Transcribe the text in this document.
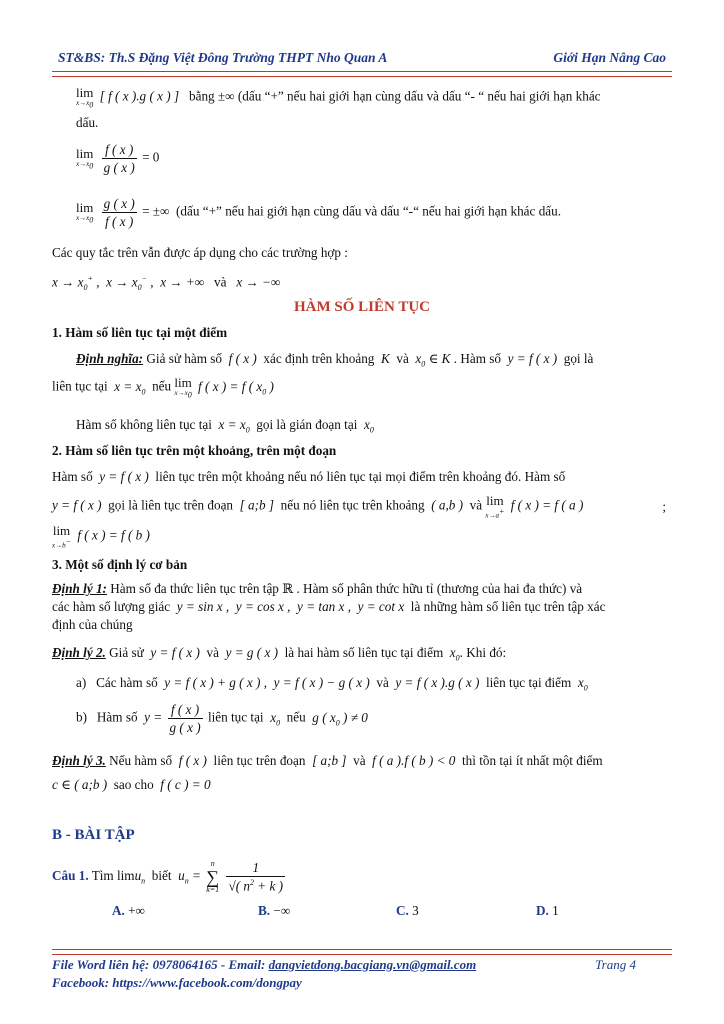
ST&BS: Th.S Đặng Việt Đông Trường THPT Nho Quan A	Giới Hạn Nâng Cao
lim
$x\to x_0$
[ f ( x ).g ( x ) ] bằng ±∞ (dấu “+” nếu hai giới hạn cùng dấu và dấu “- “ nếu hai giới hạn khác
dấu.
lim
$x\to x_0$
$\frac{f ( x )}{g ( x )} = 0$
lim
$x\to x_0$
$\frac{g ( x )}{f ( x )}$ = ±∞ (dấu “+” nếu hai giới hạn cùng dấu và dấu “-“ nếu hai giới hạn khác dấu.
Các quy tắc trên vẫn được áp dụng cho các trường hợp :
$x \to x_0^+$ ,  $x \to x_0^-$ ,  x → +∞   và   x → −∞
HÀM SỐ LIÊN TỤC
1. Hàm số liên tục tại một điểm
Định nghĩa: Giả sử hàm số  f ( x )  xác định trên khoảng  K  và  $x_0$ ∈ K . Hàm số  y = f ( x )  gọi là
liên tục tại  $x = x_0$ nếu lim
$x\to x_0$
f ( x ) = f ( $x_0$ )
Hàm số không liên tục tại  $x = x_0$ gọi là gián đoạn tại  $x_0$
2. Hàm số liên tục trên một khoảng, trên một đoạn
Hàm số  y = f ( x )  liên tục trên một khoảng nếu nó liên tục tại mọi điểm trên khoảng đó. Hàm số
y = f ( x )  gọi là liên tục trên đoạn  [ a;b ]  nếu nó liên tục trên khoảng  ( a,b )  và lim
x→a+ f ( x ) = f ( a )	;
lim
x→b− f ( x ) = f ( b )
3. Một số định lý cơ bản
Định lý 1: Hàm số đa thức liên tục trên tập ℝ . Hàm số phân thức hữu tỉ (thương của hai đa thức) và
các hàm số lượng giác  y = sin x ,  y = cos x ,  y = tan x ,  y = cot x  là những hàm số liên tục trên tập xác
định của chúng
Định lý 2. Giả sử  y = f ( x )  và  y = g ( x )  là hai hàm số liên tục tại điểm  $x_0$. Khi đó:
a) Các hàm số  y = f ( x ) + g ( x ) ,  y = f ( x ) − g ( x )  và  y = f ( x ).g ( x )  liên tục tại điểm  $x_0$
b) Hàm số  $y = \frac{f ( x )}{g ( x )}$ liên tục tại  $x_0$ nếu  g ( $x_0$ ) ≠ 0
Định lý 3. Nếu hàm số  f ( x )  liên tục trên đoạn  [ a;b ]  và  f ( a ).f ( b ) < 0  thì tồn tại ít nhất một điểm
c ∈ ( a;b )  sao cho  f ( c ) = 0
B - BÀI TẬP
Câu 1. Tìm limu$_n$ biết  $u_n$ =
n
∑
k=1
$\frac{1}{√( n^2 + k )}$
A. +∞	B. −∞	C. 3	D. 1
File Word liên hệ: 0978064165 - Email: dangvietdong.bacgiang.vn@gmail.com	Trang 4
Facebook: https://www.facebook.com/dongpay
